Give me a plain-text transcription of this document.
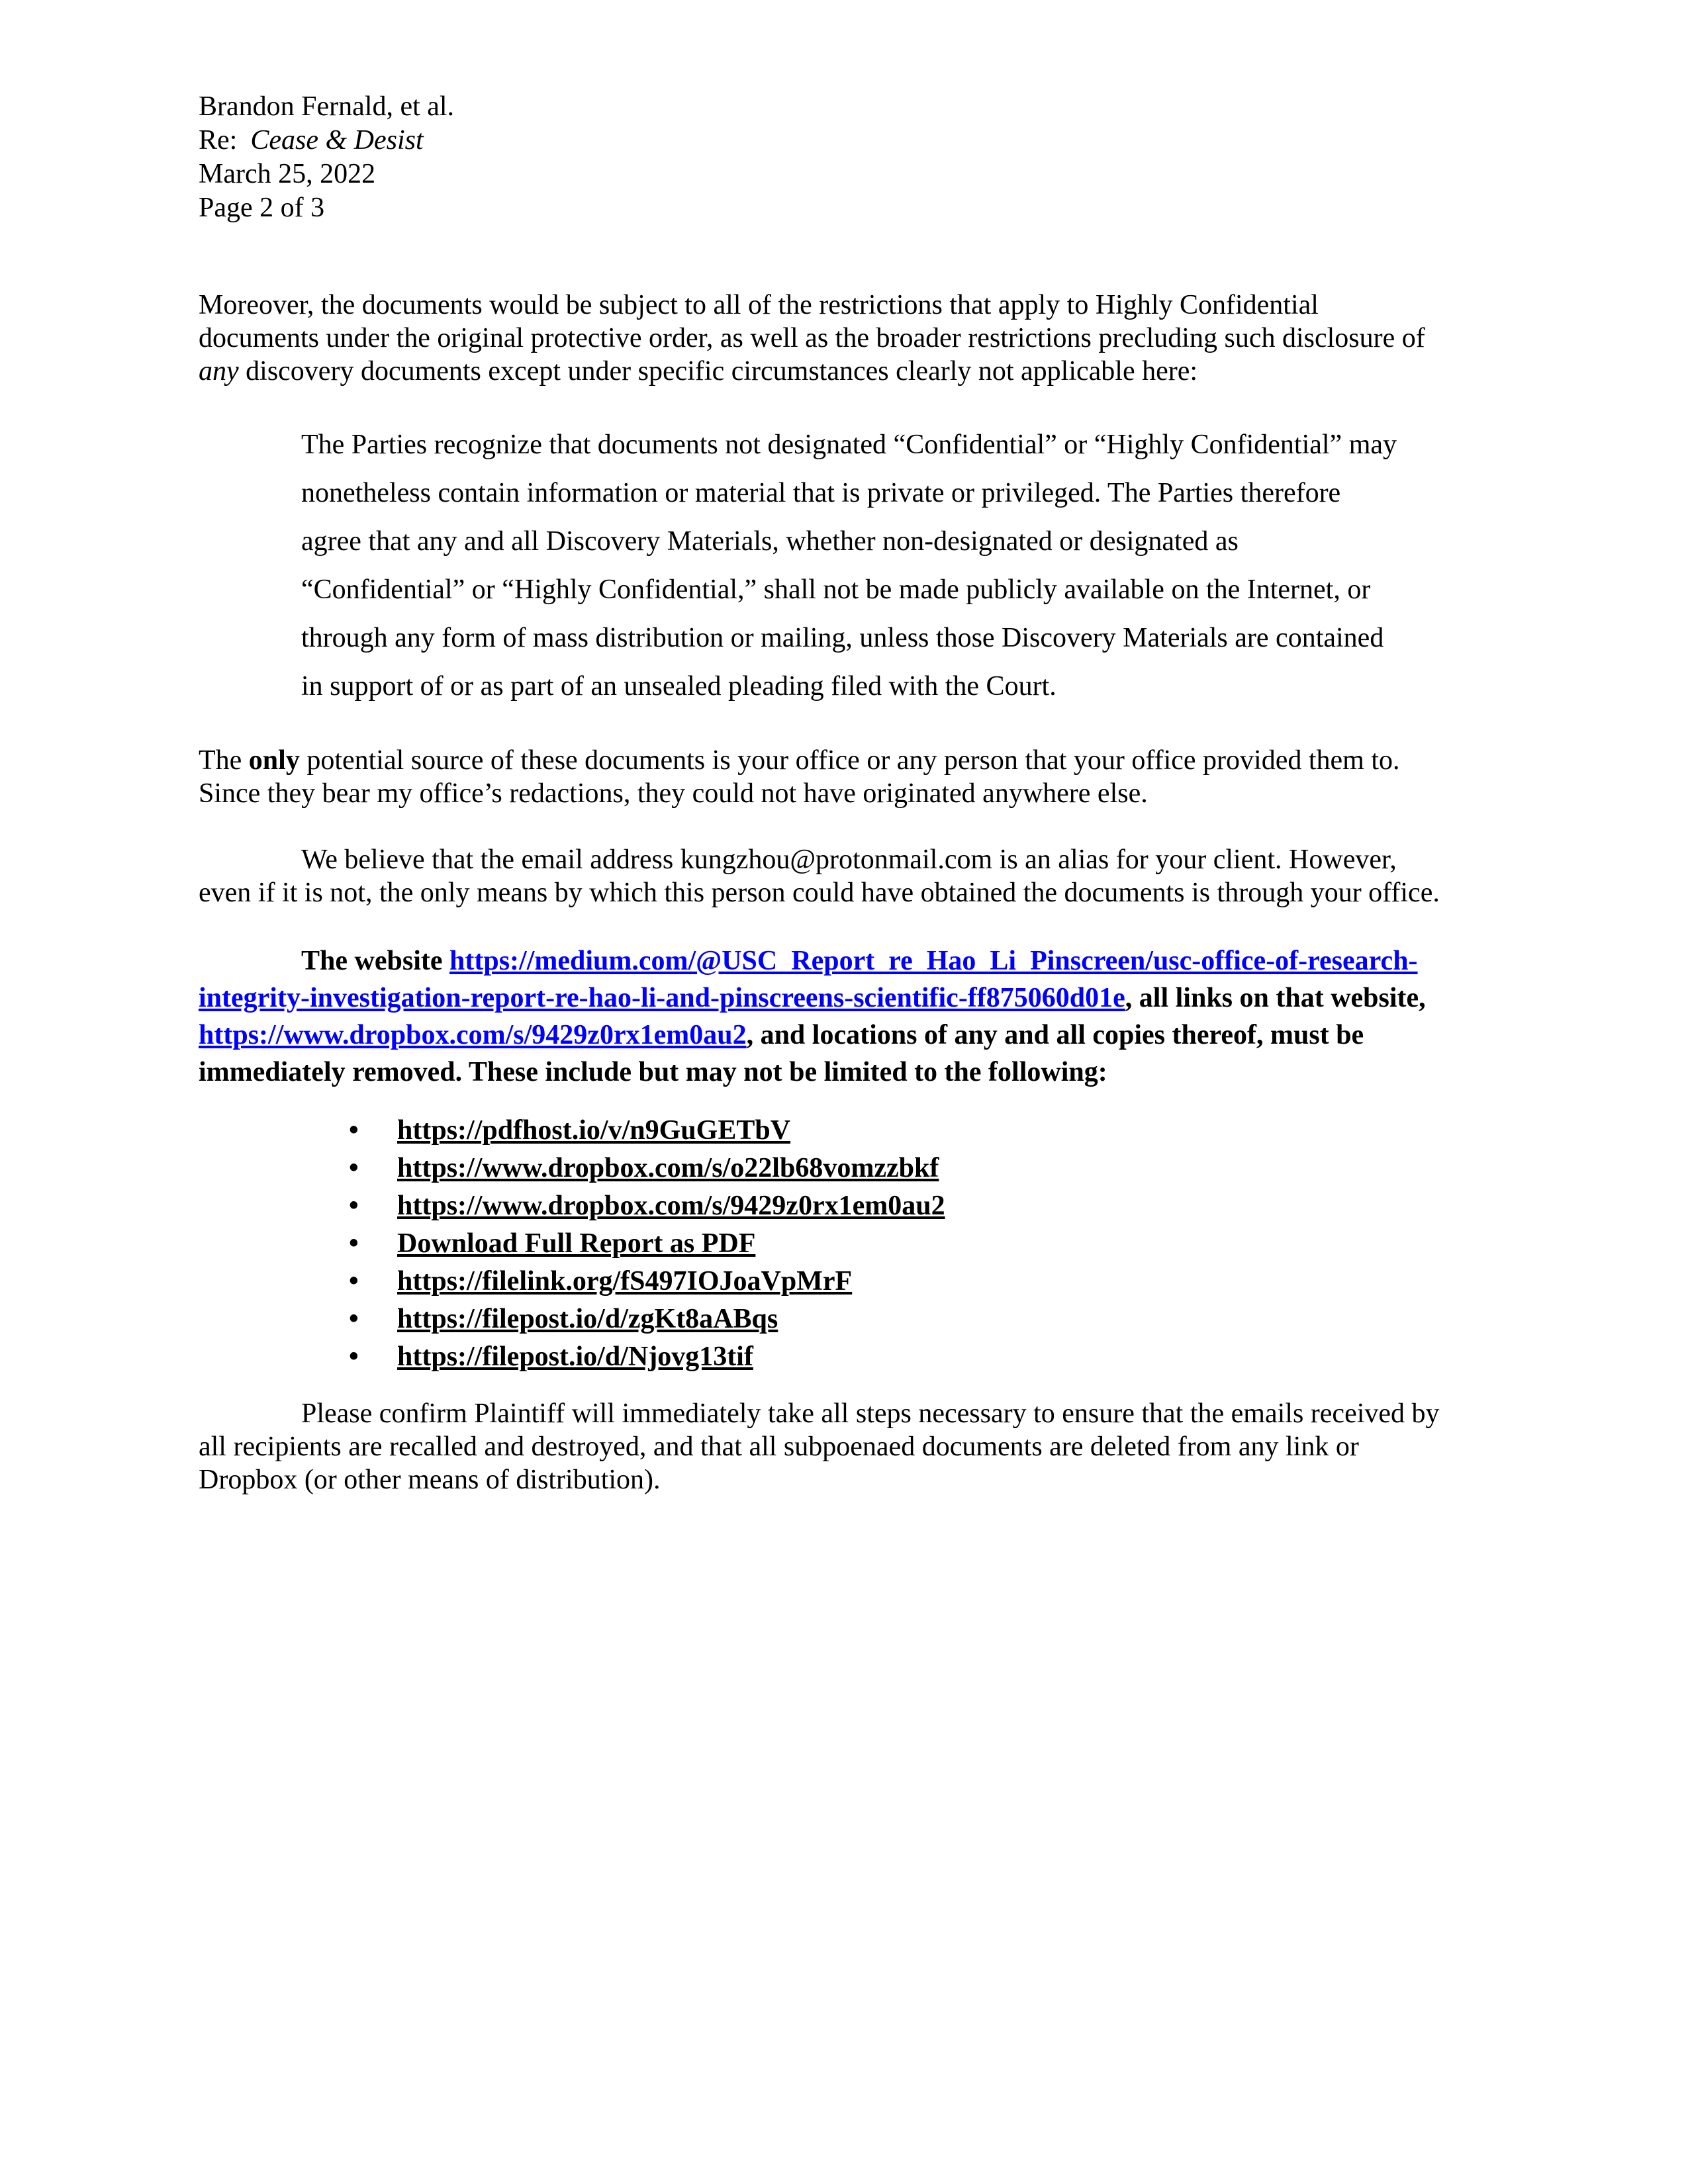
Brandon Fernald, et al.
Re: Cease & Desist
March 25, 2022
Page 2 of 3

Moreover, the documents would be subject to all of the restrictions that apply to Highly Confidential documents under the original protective order, as well as the broader restrictions precluding such disclosure of any discovery documents except under specific circumstances clearly not applicable here:

The Parties recognize that documents not designated “Confidential” or “Highly Confidential” may nonetheless contain information or material that is private or privileged. The Parties therefore agree that any and all Discovery Materials, whether non-designated or designated as “Confidential” or “Highly Confidential,” shall not be made publicly available on the Internet, or through any form of mass distribution or mailing, unless those Discovery Materials are contained in support of or as part of an unsealed pleading filed with the Court.

The only potential source of these documents is your office or any person that your office provided them to. Since they bear my office’s redactions, they could not have originated anywhere else.

We believe that the email address kungzhou@protonmail.com is an alias for your client. However, even if it is not, the only means by which this person could have obtained the documents is through your office.

The website https://medium.com/@USC_Report_re_Hao_Li_Pinscreen/usc-office-of-research-integrity-investigation-report-re-hao-li-and-pinscreens-scientific-ff875060d01e, all links on that website, https://www.dropbox.com/s/9429z0rx1em0au2, and locations of any and all copies thereof, must be immediately removed. These include but may not be limited to the following:

• https://pdfhost.io/v/n9GuGETbV
• https://www.dropbox.com/s/o22lb68vomzzbkf
• https://www.dropbox.com/s/9429z0rx1em0au2
• Download Full Report as PDF
• https://filelink.org/fS497IOJoaVpMrF
• https://filepost.io/d/zgKt8aABqs
• https://filepost.io/d/Njovg13tif

Please confirm Plaintiff will immediately take all steps necessary to ensure that the emails received by all recipients are recalled and destroyed, and that all subpoenaed documents are deleted from any link or Dropbox (or other means of distribution).
